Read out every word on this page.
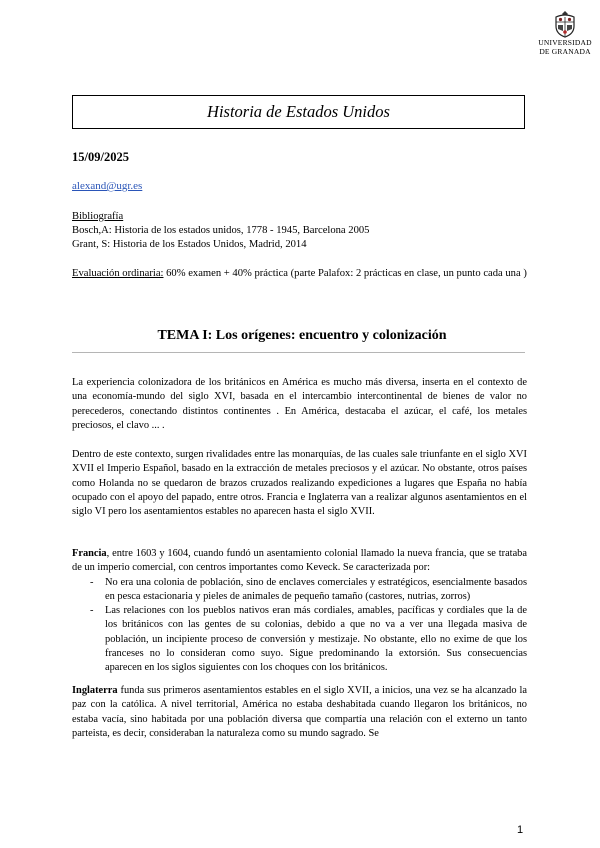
UNIVERSIDAD
DE GRANADA
Historia de Estados Unidos
15/09/2025
alexand@ugr.es
Bibliografía
Bosch,A: Historia de los estados unidos, 1778 - 1945, Barcelona 2005
Grant, S: Historia de los Estados Unidos, Madrid, 2014
Evaluación ordinaria: 60% examen + 40% práctica (parte Palafox: 2 prácticas en clase, un punto cada una )
TEMA I: Los orígenes: encuentro y colonización
La experiencia colonizadora de los británicos en América es mucho más diversa, inserta en el contexto de una economía-mundo del siglo XVI, basada en el intercambio intercontinental de bienes de valor no perecederos, conectando distintos continentes . En América, destacaba el azúcar, el café, los metales preciosos, el clavo ... .
Dentro de este contexto, surgen rivalidades entre las monarquías, de las cuales sale triunfante en el siglo XVI XVII el Imperio Español, basado en la extracción de metales preciosos y el azúcar. No obstante, otros países como Holanda no se quedaron de brazos cruzados realizando expediciones a lugares que España no había ocupado con el apoyo del papado, entre otros. Francia e Inglaterra van a realizar algunos asentamientos en el siglo VI pero los asentamientos estables no aparecen hasta el siglo XVII.
Francia, entre 1603 y 1604, cuando fundó un asentamiento colonial llamado la nueva francia, que se trataba de un imperio comercial, con centros importantes como Keveck. Se caracterizada por:
- No era una colonia de población, sino de enclaves comerciales y estratégicos, esencialmente basados en pesca estacionaria y pieles de animales de pequeño tamaño (castores, nutrias, zorros)
- Las relaciones con los pueblos nativos eran más cordiales, amables, pacíficas y cordiales que la de los británicos con las gentes de su colonias, debido a que no va a ver una llegada masiva de población, un incipiente proceso de conversión y mestizaje. No obstante, ello no exime de que los franceses no lo consideran como suyo. Sigue predominando la extorsión. Sus consecuencias aparecen en los siglos siguientes con los choques con los británicos.
Inglaterra funda sus primeros asentamientos estables en el siglo XVII, a inicios, una vez se ha alcanzado la paz con la católica. A nivel territorial, América no estaba deshabitada cuando llegaron los británicos, no estaba vacía, sino habitada por una población diversa que compartía una relación con el externo un tanto parteista, es decir, consideraban la naturaleza como su mundo sagrado. Se
1
